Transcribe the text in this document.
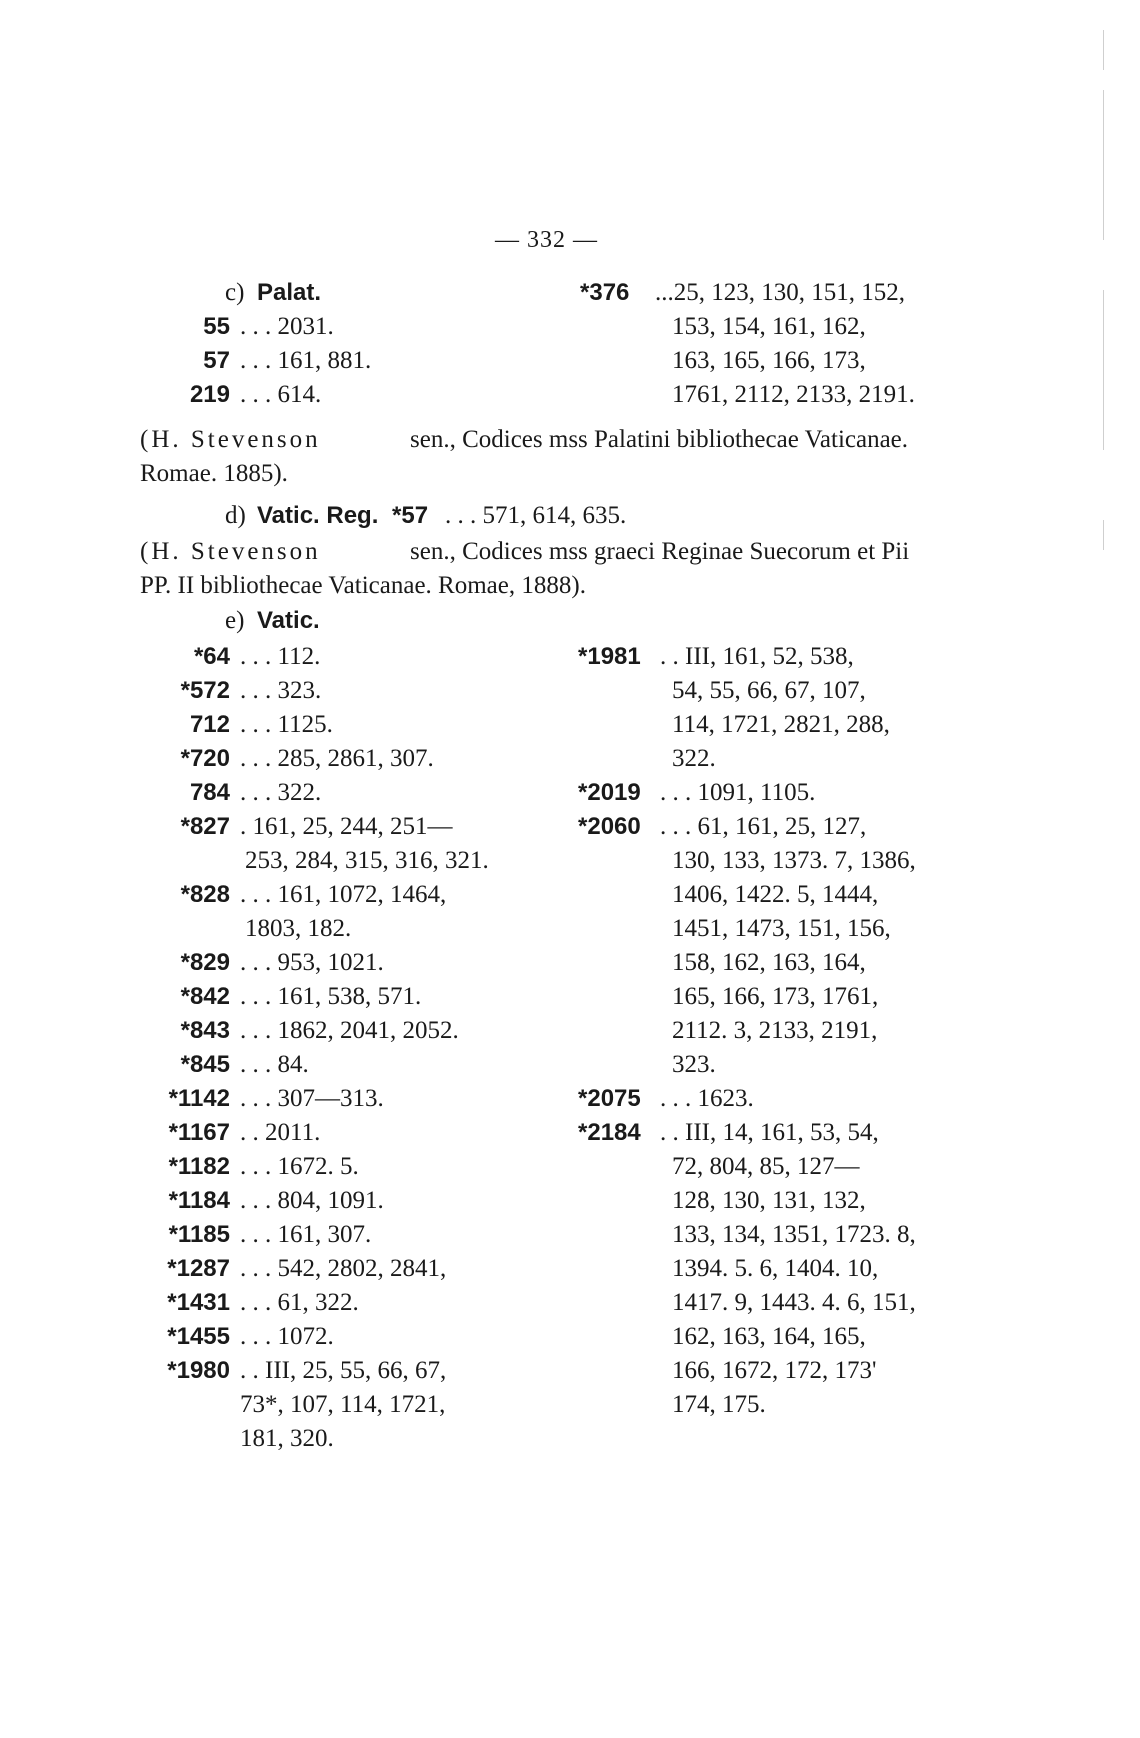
— 332 —
c) Palat.
55 . . . 2031.
57 . . . 161, 881.
219 . . . 614.
*376 ...25, 123, 130, 151, 152,
153, 154, 161, 162,
163, 165, 166, 173,
1761, 2112, 2133, 2191.
(H. Stevenson	sen., Codices mss Palatini bibliothecae Vaticanae.
Romae. 1885).
d) Vatic. Reg. *57 . . . 571, 614, 635.
(H. Stevenson	sen., Codices mss graeci Reginae Suecorum et Pii
PP. II bibliothecae Vaticanae. Romae, 1888).
e) Vatic.
*64 . . . 112.
*572 . . . 323.
712 . . . 1125.
*720 . . . 285, 2861, 307.
784 . . . 322.
*827 . 161, 25, 244, 251—
253, 284, 315, 316, 321.
*828 . . . 161, 1072, 1464,
1803, 182.
*829 . . . 953, 1021.
*842 . . . 161, 538, 571.
*843 . . . 1862, 2041, 2052.
*845 . . . 84.
*1142 . . . 307—313.
*1167 . . 2011.
*1182 . . . 1672. 5.
*1184 . . . 804, 1091.
*1185 . . . 161, 307.
*1287 . . . 542, 2802, 2841,
*1431 . . . 61, 322.
*1455 . . . 1072.
*1980 . . III, 25, 55, 66, 67,
73*, 107, 114, 1721,
181, 320.
*1981 . . III, 161, 52, 538,
54, 55, 66, 67, 107,
114, 1721, 2821, 288,
322.
*2019 . . . 1091, 1105.
*2060 . . . 61, 161, 25, 127,
130, 133, 1373. 7, 1386,
1406, 1422. 5, 1444,
1451, 1473, 151, 156,
158, 162, 163, 164,
165, 166, 173, 1761,
2112. 3, 2133, 2191,
323.
*2075 . . . 1623.
*2184 . . III, 14, 161, 53, 54,
72, 804, 85, 127—
128, 130, 131, 132,
133, 134, 1351, 1723. 8,
1394. 5. 6, 1404. 10,
1417. 9, 1443. 4. 6, 151,
162, 163, 164, 165,
166, 1672, 172, 173'
174, 175.
